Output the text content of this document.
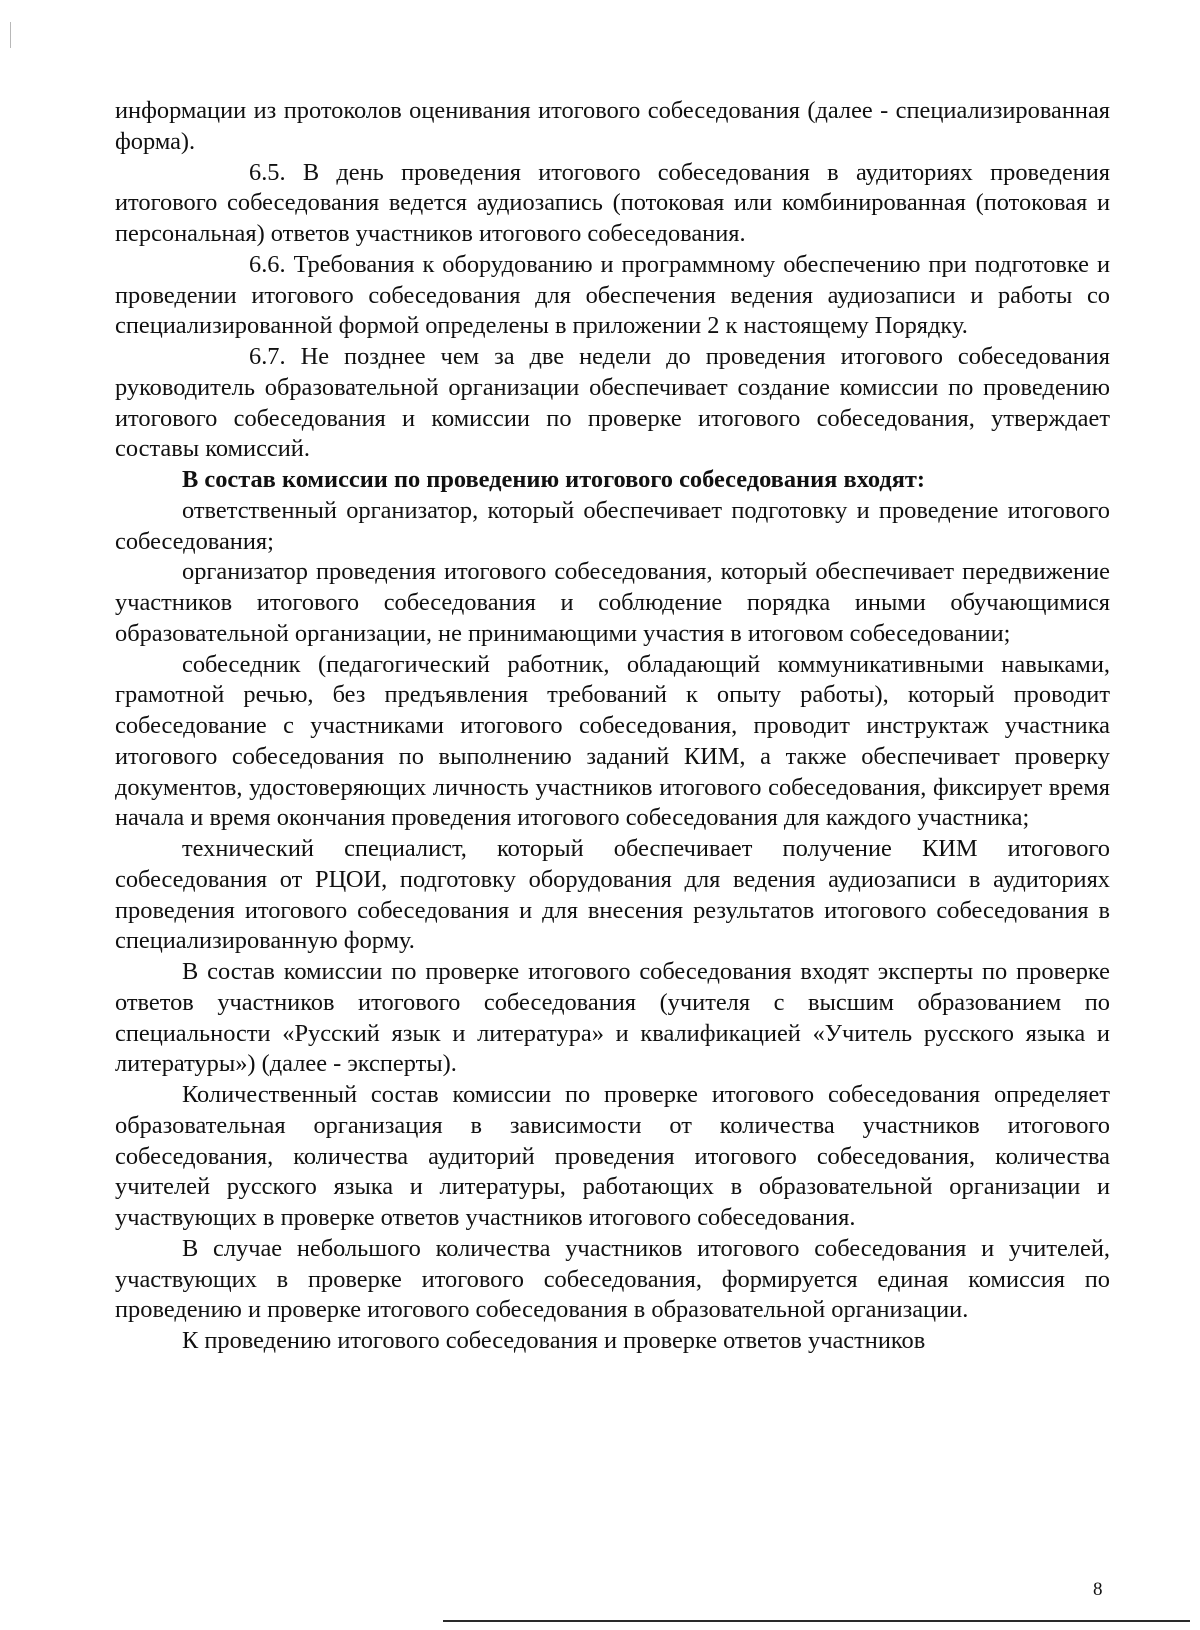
информации из протоколов оценивания итогового собеседования (далее - специализированная форма).

6.5. В день проведения итогового собеседования в аудиториях проведения итогового собеседования ведется аудиозапись (потоковая или комбинированная (потоковая и персональная) ответов участников итогового собеседования.

6.6. Требования к оборудованию и программному обеспечению при подготовке и проведении итогового собеседования для обеспечения ведения аудиозаписи и работы со специализированной формой определены в приложении 2 к настоящему Порядку.

6.7. Не позднее чем за две недели до проведения итогового собеседования руководитель образовательной организации обеспечивает создание комиссии по проведению итогового собеседования и комиссии по проверке итогового собеседования, утверждает составы комиссий.

В состав комиссии по проведению итогового собеседования входят:

ответственный организатор, который обеспечивает подготовку и проведение итогового собеседования;

организатор проведения итогового собеседования, который обеспечивает передвижение участников итогового собеседования и соблюдение порядка иными обучающимися образовательной организации, не принимающими участия в итоговом собеседовании;

собеседник (педагогический работник, обладающий коммуникативными навыками, грамотной речью, без предъявления требований к опыту работы), который проводит собеседование с участниками итогового собеседования, проводит инструктаж участника итогового собеседования по выполнению заданий КИМ, а также обеспечивает проверку документов, удостоверяющих личность участников итогового собеседования, фиксирует время начала и время окончания проведения итогового собеседования для каждого участника;

технический специалист, который обеспечивает получение КИМ итогового собеседования от РЦОИ, подготовку оборудования для ведения аудиозаписи в аудиториях проведения итогового собеседования и для внесения результатов итогового собеседования в специализированную форму.

В состав комиссии по проверке итогового собеседования входят эксперты по проверке ответов участников итогового собеседования (учителя с высшим образованием по специальности «Русский язык и литература» и квалификацией «Учитель русского языка и литературы») (далее - эксперты).

Количественный состав комиссии по проверке итогового собеседования определяет образовательная организация в зависимости от количества участников итогового собеседования, количества аудиторий проведения итогового собеседования, количества учителей русского языка и литературы, работающих в образовательной организации и участвующих в проверке ответов участников итогового собеседования.

В случае небольшого количества участников итогового собеседования и учителей, участвующих в проверке итогового собеседования, формируется единая комиссия по проведению и проверке итогового собеседования в образовательной организации.

К проведению итогового собеседования и проверке ответов участников

8
